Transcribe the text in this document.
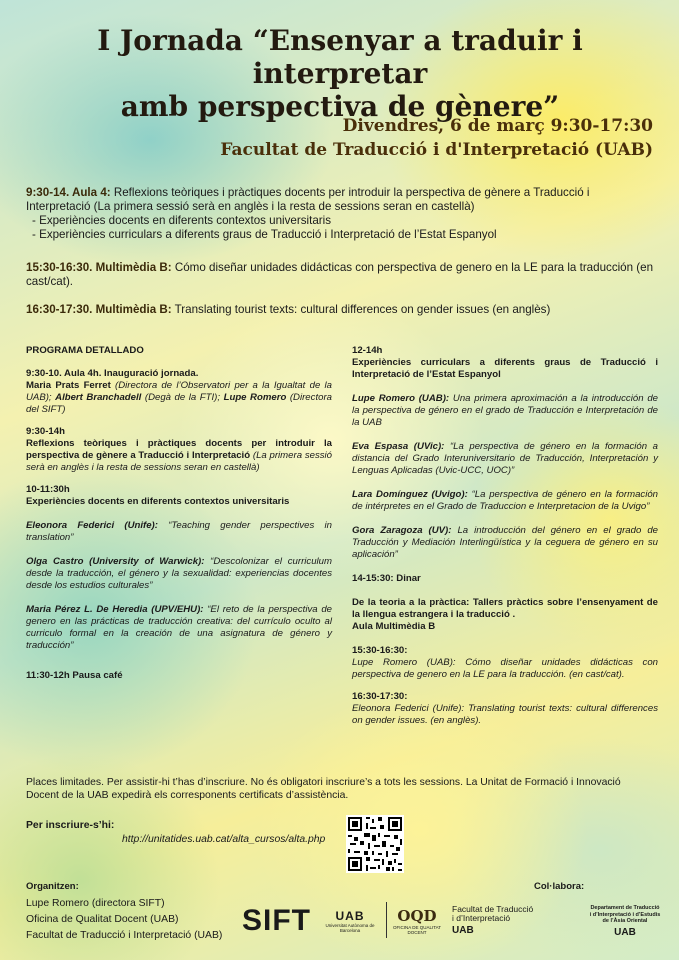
I Jornada “Ensenyar a traduir i interpretar
amb perspectiva de gènere”
Divendres, 6 de març 9:30-17:30
Facultat de Traducció i d'Interpretació (UAB)
9:30-14. Aula 4: Reflexions teòriques i pràctiques docents per introduir la perspectiva de gènere a Traducció i Interpretació (La primera sessió serà en anglès i la resta de sessions seran en castellà)
- Experiències docents en diferents contextos universitaris
- Experiències curriculars a diferents graus de Traducció i Interpretació de l’Estat Espanyol
15:30-16:30. Multimèdia B: Cómo diseñar unidades didácticas con perspectiva de genero en la LE para la traducción (en cast/cat).
16:30-17:30. Multimèdia B: Translating tourist texts: cultural differences on gender issues (en anglès)

PROGRAMA DETALLADO

9:30-10. Aula 4h. Inauguració jornada.

Maria Prats Ferret (Directora de l’Observatori per a la Igualtat de la UAB); Albert Branchadell (Degà de la FTI); Lupe Romero (Directora del SIFT)

9:30-14h

Reflexions teòriques i pràctiques docents per introduir la perspectiva de gènere a Traducció i Interpretació (La primera sessió serà en anglès i la resta de sessions seran en castellà)

10-11:30h

Experiències docents en diferents contextos universitaris

Eleonora Federici (Unife): “Teaching gender perspectives in translation”

Olga Castro (University of Warwick): “Descolonizar el curriculum desde la traducción, el género y la sexualidad: experiencias docentes desde los estudios culturales”

Maria Pérez L. De Heredia (UPV/EHU): “El reto de la perspectiva de genero en las prácticas de traducción creativa: del currículo oculto al curriculo formal en la creación de una asignatura de género y traducción”

11:30-12h Pausa café

12-14h

Experiències curriculars a diferents graus de Traducció i Interpretació de l’Estat Espanyol

Lupe Romero (UAB): Una primera aproximación a la introducción de la perspectiva de género en el grado de Traducción e Interpretación de la UAB

Eva Espasa (UVic): “La perspectiva de género en la formación a distancia del Grado Interuniversitario de Traducción, Interpretación y Lenguas Aplicadas (Uvic-UCC, UOC)”

Lara Domínguez (Uvigo): “La perspectiva de género en la formación de intérpretes en el Grado de Traduccion e Interpretacion de la Uvigo”

Gora Zaragoza (UV): La introducción del género en el grado de Traducción y Mediación Interlingüística y la ceguera de género en su aplicación”

14-15:30: Dinar

De la teoria a la pràctica: Tallers pràctics sobre l’ensenyament de la llengua estrangera i la traducció .

Aula Multimèdia B

15:30-16:30:

Lupe Romero (UAB): Cómo diseñar unidades didácticas con perspectiva de genero en la LE para la traducción. (en cast/cat).

16:30-17:30:

Eleonora Federici (Unife): Translating tourist texts: cultural differences on gender issues. (en anglès).

Places limitades. Per assistir-hi t’has d’inscriure. No és obligatori inscriure’s a tots les sessions. La Unitat de Formació i Innovació Docent de la UAB expedirà els corresponents certificats d’assistència.
Per inscriure-s’hi:
http://unitatides.uab.cat/alta_cursos/alta.php
Organitzen:
Lupe Romero (directora SIFT)
Oficina de Qualitat Docent (UAB)
Facultat de Traducció i Interpretació (UAB)
Col·labora:
SIFT	UAB
Universitat Autònoma de Barcelona
OQD
OFICINA DE QUALITAT DOCENT
Facultat de Traducció
i d’Interpretació
UAB
Departament de Traducció
i d’Interpretació i d’Estudis
de l’Àsia Oriental
UAB
